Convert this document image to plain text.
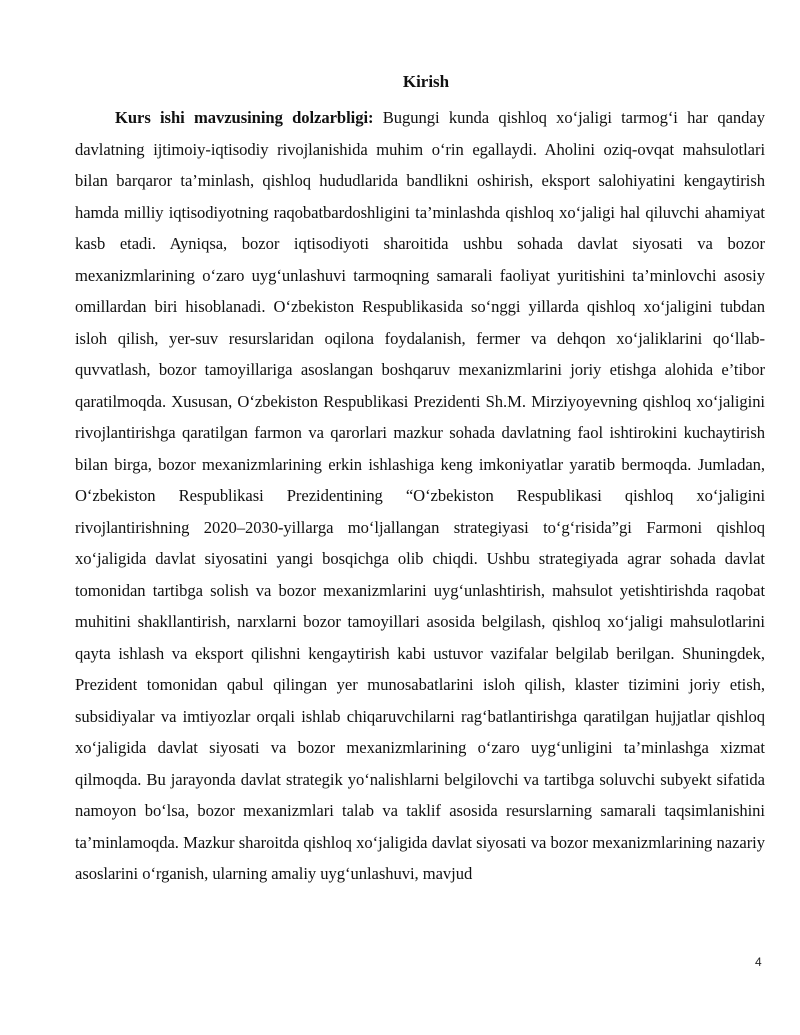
Kirish

Kurs ishi mavzusining dolzarbligi: Bugungi kunda qishloq xo‘jaligi tarmog‘i har qanday davlatning ijtimoiy-iqtisodiy rivojlanishida muhim o‘rin egallaydi. Aholini oziq-ovqat mahsulotlari bilan barqaror ta’minlash, qishloq hududlarida bandlikni oshirish, eksport salohiyatini kengaytirish hamda milliy iqtisodiyotning raqobatbardoshligini ta’minlashda qishloq xo‘jaligi hal qiluvchi ahamiyat kasb etadi. Ayniqsa, bozor iqtisodiyoti sharoitida ushbu sohada davlat siyosati va bozor mexanizmlarining o‘zaro uyg‘unlashuvi tarmoqning samarali faoliyat yuritishini ta’minlovchi asosiy omillardan biri hisoblanadi. O‘zbekiston Respublikasida so‘nggi yillarda qishloq xo‘jaligini tubdan isloh qilish, yer-suv resurslaridan oqilona foydalanish, fermer va dehqon xo‘jaliklarini qo‘llab-quvvatlash, bozor tamoyillariga asoslangan boshqaruv mexanizmlarini joriy etishga alohida e’tibor qaratilmoqda. Xususan, O‘zbekiston Respublikasi Prezidenti Sh.M. Mirziyoyevning qishloq xo‘jaligini rivojlantirishga qaratilgan farmon va qarorlari mazkur sohada davlatning faol ishtirokini kuchaytirish bilan birga, bozor mexanizmlarining erkin ishlashiga keng imkoniyatlar yaratib bermoqda. Jumladan, O‘zbekiston Respublikasi Prezidentining “O‘zbekiston Respublikasi qishloq xo‘jaligini rivojlantirishning 2020–2030-yillarga mo‘ljallangan strategiyasi to‘g‘risida”gi Farmoni qishloq xo‘jaligida davlat siyosatini yangi bosqichga olib chiqdi. Ushbu strategiyada agrar sohada davlat tomonidan tartibga solish va bozor mexanizmlarini uyg‘unlashtirish, mahsulot yetishtirishda raqobat muhitini shakllantirish, narxlarni bozor tamoyillari asosida belgilash, qishloq xo‘jaligi mahsulotlarini qayta ishlash va eksport qilishni kengaytirish kabi ustuvor vazifalar belgilab berilgan. Shuningdek, Prezident tomonidan qabul qilingan yer munosabatlarini isloh qilish, klaster tizimini joriy etish, subsidiyalar va imtiyozlar orqali ishlab chiqaruvchilarni rag‘batlantirishga qaratilgan hujjatlar qishloq xo‘jaligida davlat siyosati va bozor mexanizmlarining o‘zaro uyg‘unligini ta’minlashga xizmat qilmoqda. Bu jarayonda davlat strategik yo‘nalishlarni belgilovchi va tartibga soluvchi subyekt sifatida namoyon bo‘lsa, bozor mexanizmlari talab va taklif asosida resurslarning samarali taqsimlanishini ta’minlamoqda. Mazkur sharoitda qishloq xo‘jaligida davlat siyosati va bozor mexanizmlarining nazariy asoslarini o‘rganish, ularning amaliy uyg‘unlashuvi, mavjud

4
